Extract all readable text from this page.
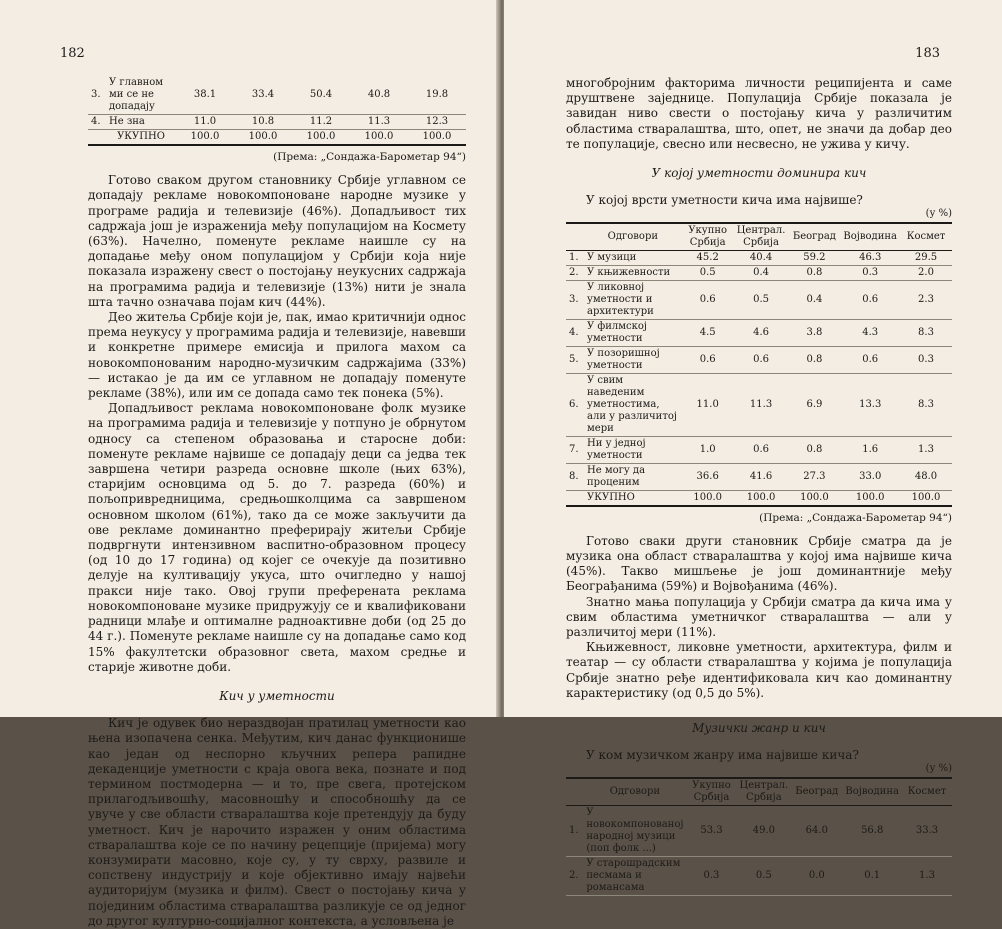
182
3.	У главном ми се не допадају	38.1	33.4	50.4	40.8	19.8
4.	Не зна	11.0	10.8	11.2	11.3	12.3
	УКУПНО	100.0	100.0	100.0	100.0	100.0
(Према: „Сондажа-Барометар 94“)

Готово сваком другом становнику Србије углавном се допадају рекламе новокомпоноване народне музике у програме радија и телевизије (46%). Допадљивост тих садржаја још је израженија међу популацијом на Космету (63%). Начелно, поменуте рекламе наишле су на допадање међу оном популацијом у Србији која није показала изражену свест о постојању неукусних садржаја на програмима радија и телевизије (13%) нити је знала шта тачно означава појам кич (44%).

Део житеља Србије који је, пак, имао критичнији однос према неукусу у програмима радија и телевизије, навевши и конкретне примере емисија и прилога махом са новокомпонованим народно-музичким садржајима (33%) — истакао је да им се углавном не допадају поменуте рекламе (38%), или им се допада само тек понека (5%).

Допадљивост реклама новокомпоноване фолк музике на програмима радија и телевизије у потпуно је обрнутом односу са степеном образовања и старосне доби: поменуте рекламе највише се допадају деци са једва тек завршена четири разреда основне школе (њих 63%), старијим основцима од 5. до 7. разреда (60%) и пољопривредницима, средњошколцима са завршеном основном школом (61%), тако да се може закључити да ове рекламе доминантно преферирају житељи Србије подвргнути интензивном васпитно-образовном процесу (од 10 до 17 година) од којег се очекује да позитивно делује на култивацију укуса, што очигледно у нашој пракси није тако. Овој групи преферената реклама новокомпоноване музике придружују се и квалификовани радници млађе и оптималне радноактивне доби (од 25 до 44 г.). Поменуте рекламе наишле су на допадање само код 15% факултетски образовног света, махом средње и старије животне доби.

Кич у уметности

Кич је одувек био нераздвојан пратилац уметности као њена изопачена сенка. Међутим, кич данас функционише као један од неспорно кључних репера рапидне декаденције уметности с краја овога века, познате и под термином постмодерна — и то, пре свега, протејском прилагодљивошћу, масовношћу и способношћу да се увуче у све области стваралаштва које претендују да буду уметност. Кич је нарочито изражен у оним областима стваралаштва које се по начину рецепције (пријема) могу конзумирати масовно, које су, у ту сврху, развиле и сопствену индустрију и које објективно имају највећи аудиторијум (музика и филм). Свест о постојању кича у појединим областима стваралаштва разликује се од једног до другог културно-социјалног контекста, а условљена је

183

многобројним факторима личности реципијента и саме друштвене заједнице. Популација Србије показала је завидан ниво свести о постојању кича у различитим областима стваралаштва, што, опет, не значи да добар део те популације, свесно или несвесно, не ужива у кичу.

У којој уметности доминира кич
У којој врсти уметности кича има највише?
(у %)
	Одговори	Укупно Србија	Централ. Србија	Београд	Војводина	Космет
1.	У музици	45.2	40.4	59.2	46.3	29.5
2.	У књижевности	0.5	0.4	0.8	0.3	2.0
3.	У ликовној уметности и архитектури	0.6	0.5	0.4	0.6	2.3
4.	У филмској уметности	4.5	4.6	3.8	4.3	8.3
5.	У позоришној уметности	0.6	0.6	0.8	0.6	0.3
6.	У свим наведеним уметностима, али у различитој мери	11.0	11.3	6.9	13.3	8.3
7.	Ни у једној уметности	1.0	0.6	0.8	1.6	1.3
8.	Не могу да проценим	36.6	41.6	27.3	33.0	48.0
	УКУПНО	100.0	100.0	100.0	100.0	100.0
(Према: „Сондажа-Барометар 94“)

Готово сваки други становник Србије сматра да је музика она област стваралаштва у којој има највише кича (45%). Такво мишљење је још доминантније међу Београђанима (59%) и Војвођанима (46%).

Знатно мања популација у Србији сматра да кича има у свим областима уметничког стваралаштва — али у различитој мери (11%).

Књижевност, ликовне уметности, архитектура, филм и театар — су области стваралаштва у којима је популација Србије знатно ређе идентификовала кич као доминантну карактеристику (од 0,5 до 5%).

Музички жанр и кич
У ком музичком жанру има највише кича?
(у %)
	Одговори	Укупно Србија	Централ. Србија	Београд	Војводина	Космет
1.	У новокомпонованој народној музици (поп фолк ...)	53.3	49.0	64.0	56.8	33.3
2.	У старошрадским песмама и романсама	0.3	0.5	0.0	0.1	1.3
